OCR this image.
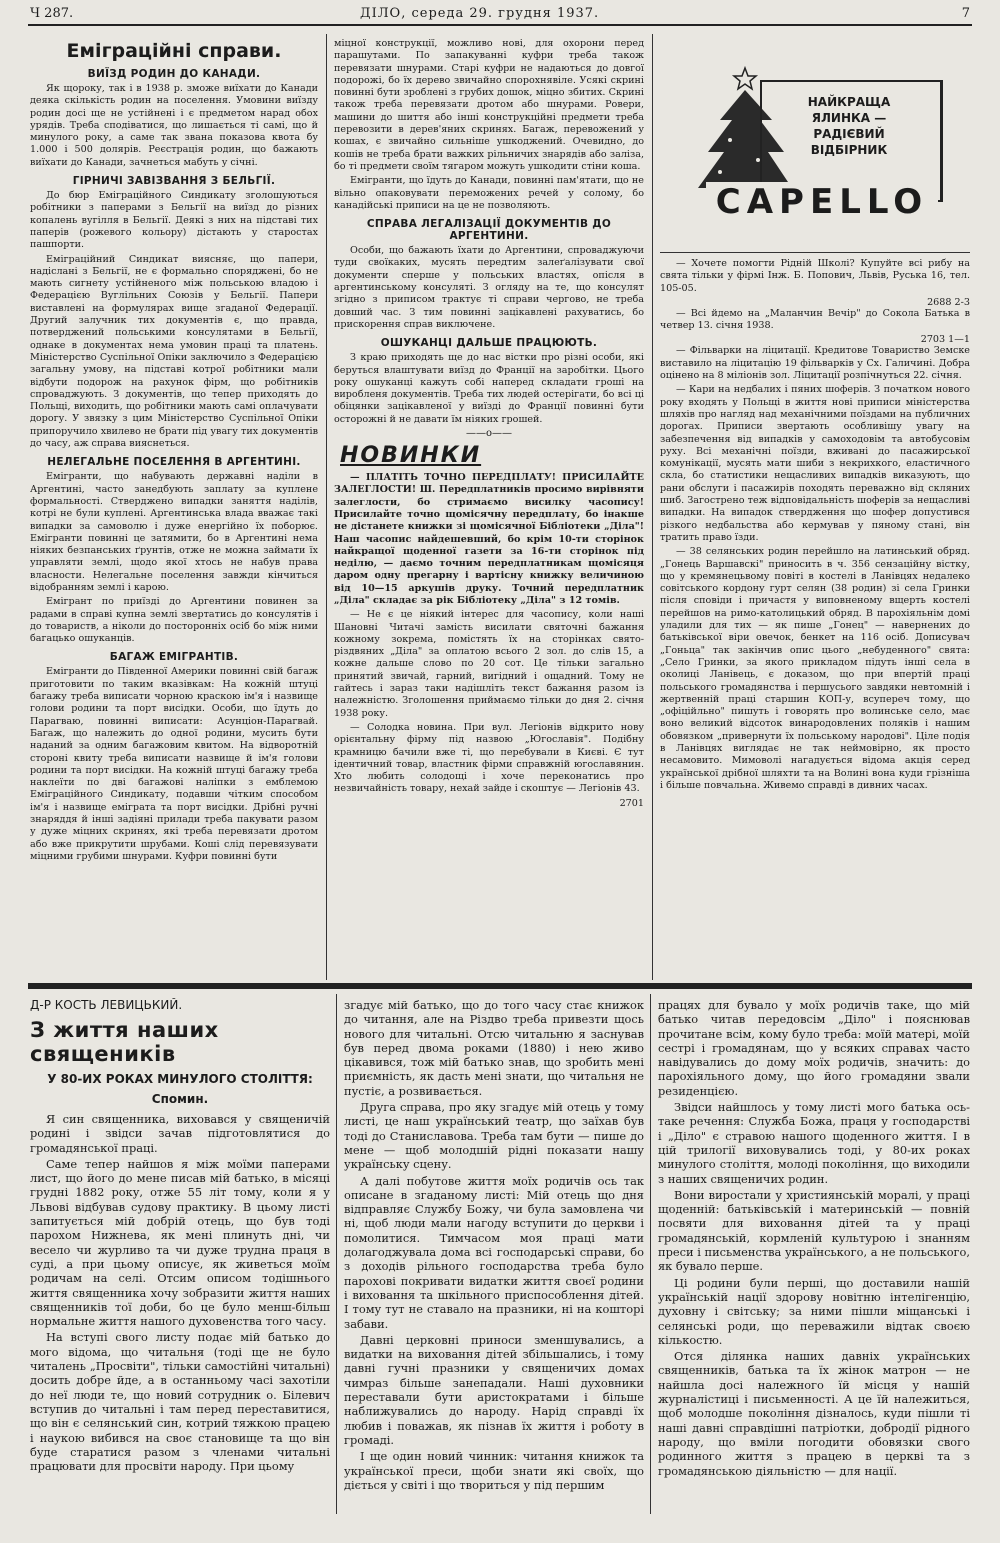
Ч 287.	ДІЛО, середа 29. грудня 1937.	7
Еміграційні справи.
ВИЇЗД РОДИН ДО КАНАДИ.

Як щороку, так і в 1938 р. зможе виїхати до Канади деяка скількість родин на поселення. Умовини виїзду родин досі ще не устійнені і є предметом нарад обох урядів. Треба сподіватися, що лишається ті самі, що й минулого року, а саме так звана показова квота бу 1.000 і 500 долярів. Реєстрація родин, що бажають виїхати до Канади, зачнеться мабуть у січні.

ГІРНИЧІ ЗАВІЗВАННЯ З БЕЛЬГІЇ.

До бюр Еміграційного Синдикату зголошуються робітники з паперами з Бельгії на виїзд до різних копалень вугілля в Бельгії. Деякі з них на підставі тих паперів (рожевого кольору) дістають у старостах пашпорти.

Еміграційний Синдикат виясняє, що папери, надіслані з Бельгії, не є формально споряджені, бо не мають сигнету устійненого між польською владою і Федерацією Вуглільних Союзів у Бельгії. Папери виставлені на формулярах вище згаданої Федерації. Другий залучник тих документів є, що правда, потверджений польськими консулятами в Бельгії, однаке в документах нема умовин праці та платень. Міністерство Суспільної Опіки заключило з Федерацією загальну умову, на підставі котрої робітники мали відбути подорож на рахунок фірм, що робітників спроваджують. З документів, що тепер приходять до Польщі, виходить, що робітники мають самі оплачувати дорогу. У звязку з цим Міністерство Суспільної Опіки припоручило хвилево не брати під увагу тих документів до часу, аж справа вияснеться.

НЕЛЕГАЛЬНЕ ПОСЕЛЕННЯ В АРГЕНТИНІ.

Емігранти, що набувають державні наділи в Аргентині, часто занедбують заплату за куплене формальності. Стверджено випадки заняття наділів, котрі не були куплені. Аргентинська влада вважає такі випадки за самоволю і дуже енергійно їх поборює. Емігранти повинні це затямити, бо в Аргентині нема ніяких безпанських ґрунтів, отже не можна займати їх управляти землі, щодо якої хтось не набув права власности. Нелегальне поселення завжди кінчиться відобранням землі і карою.

Емігрант по приїзді до Аргентини повинен за радами в справі купна землі звертатись до консулятів і до товариств, а ніколи до посторонніх осіб бо між ними багацько ошуканців.

БАГАЖ ЕМІГРАНТІВ.

Емігранти до Південної Америки повинні свій багаж приготовити по таким вказівкам: На кожній штуці багажу треба виписати чорною краскою ім'я і назвище голови родини та порт висідки. Особи, що їдуть до Парагваю, повинні виписати: Асунціон-Парагвай. Багаж, що належить до одної родини, мусить бути наданий за одним багажовим квитом. На відворотній стороні квиту треба виписати назвище й ім'я голови родини та порт висідки. На кожній штуці багажу треба наклеїти по дві багажові наліпки з емблемою Еміграційного Синдикату, подавши чітким способом ім'я і назвище еміграта та порт висідки. Дрібні ручні знаряддя й інші задіяні прилади треба пакувати разом у дуже міцних скринях, які треба перевязати дротом або вже прикрутити шрубами. Коші слід перевязувати міцними грубими шнурами. Куфри повинні бути

міцної конструкції, можливо нові, для охорони перед парашутами. По запакуванні куфри треба також перевязати шнурами. Старі куфри не надаються до довгої подорожі, бо їх дерево звичайно спорохнявіле. Усякі скрині повинні бути зроблені з грубих дошок, міцно збитих. Скрині також треба перевязати дротом або шнурами. Ровери, машини до шиття або інші конструкційні предмети треба перевозити в дерев'яних скринях. Багаж, перевожений у кошах, є звичайно сильніше ушкоджений. Очевидно, до кошів не треба брати важких рільничих знарядів або заліза, бо ті предмети своїм тягаром можуть ушкодити стіни коша.

Емігранти, що їдуть до Канади, повинні пам'ятати, що не вільно опаковувати переможених речей у солому, бо канадійські приписи на це не позволяють.

СПРАВА ЛЕГАЛІЗАЦІЇ ДОКУМЕНТІВ ДО АРГЕНТИНИ.

Особи, що бажають їхати до Аргентини, спроваджуючи туди своїкаких, мусять передтим залеґалізувати свої документи сперше у польських властях, опісля в аргентинському консуляті. З огляду на те, що консулят згідно з приписом трактує ті справи чергово, не треба довший час. З тим повинні зацікавлені рахуватись, бо прискорення справ виключене.

ОШУКАНЦІ ДАЛЬШЕ ПРАЦЮЮТЬ.

З краю приходять ще до нас вістки про різні особи, які беруться влаштувати виїзд до Франції на заробітки. Цього року ошуканці кажуть собі наперед складати гроші на виробленя документів. Треба тих людей остерігати, бо всі ці обіцянки зацікавленої у виїзді до Франції повинні бути осторожні й не давати їм ніяких грошей.

——o——
НОВИНКИ

— ПЛАТІТЬ ТОЧНО ПЕРЕДПЛАТУ! ПРИСИЛАЙТЕ ЗАЛЕГЛОСТИ! Ш. Передплатників просимо вирівняти залеглости, бо стримаємо висилку часопису! Присилайте точно щомісячну передплату, бо інакше не дістанете книжки зі щомісячної Бібліотеки „Діла"! Наш часопис найдешевший, бо крім 10-ти сторінок найкращої щоденної газети за 16-ти сторінок під неділю, — даємо точним передплатникам щомісяця даром одну прегарну і вартісну книжку величиною від 10—15 аркушів друку. Точний передплатник „Діла" складає за рік Бібліотеку „Діла" з 12 томів.

— Не є це ніякий інтерес для часопису, коли наші Шановні Читачі замість висилати святочні бажання кожному зокрема, помістять їх на сторінках свято-різдвяних „Діла" за оплатою всього 2 зол. до слів 15, а кожне дальше слово по 20 сот. Це тільки загально принятий звичай, гарний, вигідний і ощадний. Тому не гайтесь і зараз таки надішліть текст бажання разом із належністю. Зголошення приймаємо тільки до дня 2. січня 1938 року.

— Солодка новина. При вул. Легіонів відкрито нову орієнтальну фірму під назвою „Югославія". Подібну крамницю бачили вже ті, що перебували в Києві. Є тут ідентичний товар, властник фірми справжній югославянин. Хто любить солодощі і хоче переконатись про незвичайність товару, нехай зайде і скоштує — Легіонів 43.

2701
НАЙКРАЩА ЯЛИНКА — РАДІЄВИЙ ВІДБІРНИК
CAPELLO

— Хочете помогти Рідній Школі? Купуйте всі рибу на свята тільки у фірмі Інж. Б. Попович, Львів, Руська 16, тел. 105-05.

2688 2-3

— Всі йдемо на „Маланчин Вечір" до Сокола Батька в четвер 13. січня 1938.

2703 1—1

— Фільварки на ліцитації. Кредитове Товариство Земске виставило на ліцитацію 19 фільварків у Сх. Галичині. Добра оцінено на 8 міліонів зол. Ліцитації розпічнуться 22. січня.

— Кари на недбалих і пяних шоферів. З початком нового року входять у Польщі в життя нові приписи міністерства шляхів про нагляд над механічними поїздами на публичних дорогах. Приписи звертають особливішу увагу на забезпечення від випадків у самоходовім та автобусовім руху. Всі механічні поїзди, вживані до пасажирської комунікації, мусять мати шиби з некрихкого, еластичного скла, бо статистики нещасливих випадків виказують, що рани обслуги і пасажирів походять переважно від скляних шиб. Загострено теж відповідальність шоферів за нещасливі випадки. На випадок ствердження що шофер допустився різкого недбальства або кермував у пяному стані, він тратить право їзди.

— 38 селянських родин перейшло на латинський обряд. „Гонець Варшавскі" приносить в ч. 356 сензаційну вістку, що у кремянецьвому повіті в костелі в Ланівцях недалеко совітського кордону гурт селян (38 родин) зі села Гринки після сповіди і причастя у виповненому вщерть костелі перейшов на римо-католицький обряд. В парохіяльнім домі уладили для тих — як пише „Гонец" — навернених до батьківської віри овечок, бенкет на 116 осіб. Дописувач „Гоньца" так закінчив опис цього „небуденного" свята: „Село Гринки, за якого прикладом підуть інші села в околиці Ланівець, є доказом, що при впертій праці польського громадянства і першусього завдяки невтомній і жертвенній праці старшин КОП-у, всупереч тому, що „офіційльно" пишуть і говорять про волинське село, має воно великий відсоток винародовлених поляків і нашим обовязком „привернути їх польському народові". Ціле подія в Ланівцях виглядає не так неймовірно, як просто несамовито. Мимоволі нагадується відома акція серед української дрібної шляхти та на Волині вона куди грізніша і більше повчальна. Живемо справді в дивних часах.

Д-Р КОСТЬ ЛЕВИЦЬКИЙ.
З життя наших священиків
У 80-ИХ РОКАХ МИНУЛОГО СТОЛІТТЯ:
Спомин.

Я син священника, виховався у священичій родині і звідси зачав підготовлятися до громадянської праці.

Саме тепер найшов я між моїми паперами лист, що його до мене писав мій батько, в місяці грудні 1882 року, отже 55 літ тому, коли я у Львові відбував судову практику. В цьому листі запитується мій добрій отець, що був тоді парохом Нижнева, як мені плинуть дні, чи весело чи журливо та чи дуже трудна праця в суді, а при цьому описує, як живеться моїм родичам на селі. Отсим описом тодішнього життя священника хочу зобразити життя наших священників тої доби, бо це було менш-більш нормальне життя нашого духовенства того часу.

На вступі свого листу подає мій батько до мого відома, що читальня (тоді ще не було читалень „Просвіти", тільки самостійні читальні) досить добре йде, а в останньому часі захотіли до неї люди те, що новий сотрудник о. Білевич вступив до читальні і там перед переставитися, що він є селянський син, котрий тяжкою працею і наукою вибився на своє становище та що він буде старатися разом з членами читальні працювати для просвіти народу. При цьому

згадує мій батько, що до того часу стає книжок до читання, але на Різдво треба привезти щось нового для читальні. Отсю читальню я заснував був перед двома роками (1880) і нею живо цікавився, тож мій батько знав, що зробить мені приємність, як дасть мені знати, що читальня не пустіє, а розвивається.

Друга справа, про яку згадує мій отець у тому листі, це наш український театр, що заїхав був тоді до Станиславова. Треба там бути — пише до мене — щоб молодшій рідні показати нашу українську сцену.

А далі побутове життя моїх родичів ось так описане в згаданому листі: Мій отець що дня відправляє Службу Божу, чи була замовлена чи ні, щоб люди мали нагоду вступити до церкви і помолитися. Тимчасом моя праці мати долагоджувала дома всі господарські справи, бо з доходів рільного господарства треба було парохові покривати видатки життя своєї родини і виховання та шкільного приспособлення дітей. І тому тут не ставало на празники, ні на кошторі забави.

Давні церковні приноси зменшувались, а видатки на виховання дітей збільшались, і тому давні гучні празники у священичих домах чимраз більше занепадали. Наші духовники переставали бути аристократами і більше наближувались до народу. Нарід справді їх любив і поважав, як пізнав їх життя і роботу в громаді.

І ще один новий чинник: читання книжок та української преси, щоби знати які своїх, що діється у світі і що твориться у під першим

працях для бувало у моїх родичів таке, що мій батько читав передовсім „Діло" і пояснював прочитане всім, кому було треба: моїй матері, моїй сестрі і громадянам, що у всяких справах часто навідувались до дому моїх родичів, значить: до парохіяльного дому, що його громадяни звали резиденцією.

Звідси найшлось у тому листі мого батька ось-таке речення: Служба Божа, праця у господарстві і „Діло" є стравою нашого щоденного життя. І в цій трилогії виховувались тоді, у 80-их роках минулого століття, молоді покоління, що виходили з наших священичих родин.

Вони виростали у християнській моралі, у праці щоденній: батьківській і материнській — повній посвяти для виховання дітей та у праці громадянській, кормленій культурою і знанням преси і письменства українського, а не польського, як бувало перше.

Ці родини були перші, що доставили нашій українській нації здорову новітню інтелігенцію, духовну і світську; за ними пішли міщанські і селянські роди, що переважили відтак своєю кількостю.

Отся ділянка наших давніх українських священників, батька та їх жінок матрон — не найшла досі належного їй місця у нашій журналістиці і письменності. А це їй належиться, щоб молодше покоління дізналось, куди пішли ті наші давні справдішні патріотки, добродії рідного народу, що вміли погодити обовязки свого родинного життя з працею в церкві та з громадянською діяльністю — для нації.
